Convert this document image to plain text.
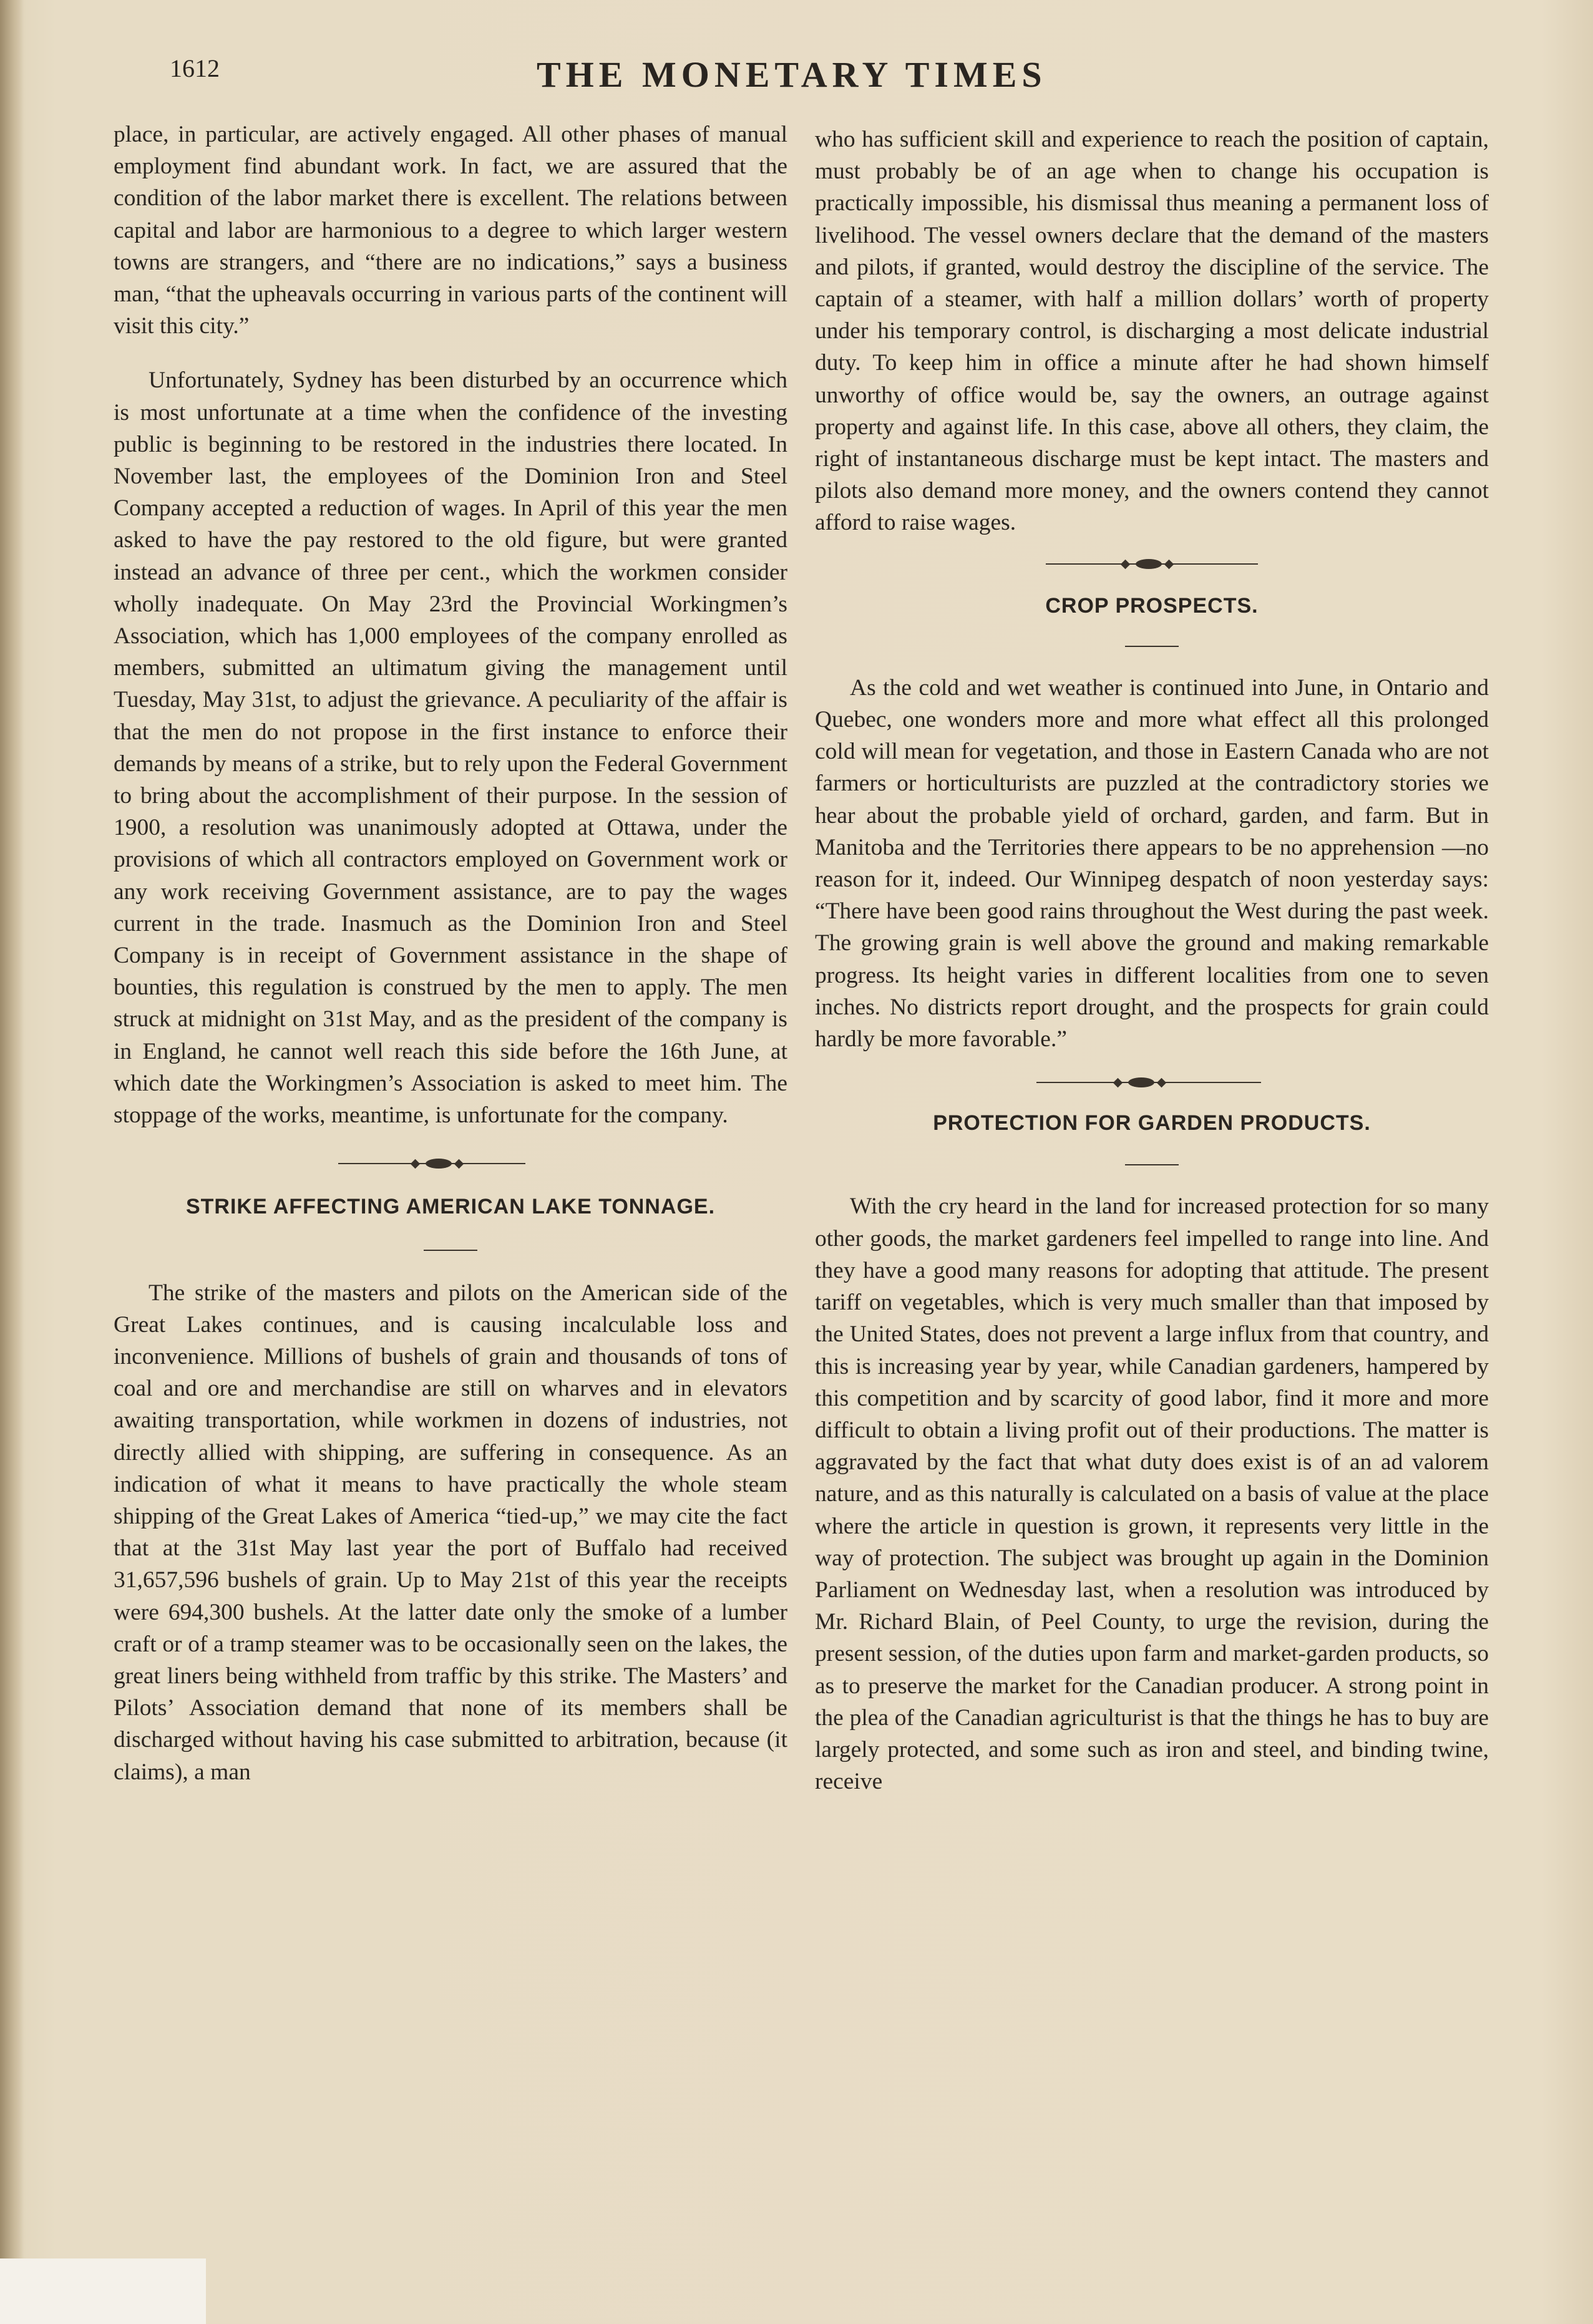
1612	THE MONETARY TIMES

place, in particular, are actively engaged. All other phases of manual employment find abundant work. In fact, we are assured that the condition of the labor market there is excellent. The relations between capital and labor are harmonious to a degree to which larger western towns are strangers, and “there are no indications,” says a business man, “that the upheavals occurring in various parts of the continent will visit this city.”

Unfortunately, Sydney has been disturbed by an occurrence which is most unfortunate at a time when the confidence of the investing public is beginning to be restored in the industries there located. In November last, the employees of the Dominion Iron and Steel Company accepted a reduction of wages. In April of this year the men asked to have the pay restored to the old figure, but were granted instead an advance of three per cent., which the workmen consider wholly inadequate. On May 23rd the Provincial Workingmen’s Association, which has 1,000 employees of the company enrolled as members, submitted an ultimatum giving the management until Tuesday, May 31st, to adjust the grievance. A peculiarity of the affair is that the men do not propose in the first instance to enforce their demands by means of a strike, but to rely upon the Federal Government to bring about the accomplishment of their purpose. In the session of 1900, a resolution was unanimously adopted at Ottawa, under the provisions of which all contractors employed on Government work or any work receiving Government assistance, are to pay the wages current in the trade. Inasmuch as the Dominion Iron and Steel Company is in receipt of Government assistance in the shape of bounties, this regulation is construed by the men to apply. The men struck at midnight on 31st May, and as the president of the company is in England, he cannot well reach this side before the 16th June, at which date the Workingmen’s Association is asked to meet him. The stoppage of the works, meantime, is unfortunate for the company.

STRIKE AFFECTING AMERICAN LAKE TONNAGE.

The strike of the masters and pilots on the American side of the Great Lakes continues, and is causing incalculable loss and inconvenience. Millions of bushels of grain and thousands of tons of coal and ore and merchandise are still on wharves and in elevators awaiting transportation, while workmen in dozens of industries, not directly allied with shipping, are suffering in consequence. As an indication of what it means to have practically the whole steam shipping of the Great Lakes of America “tied-up,” we may cite the fact that at the 31st May last year the port of Buffalo had received 31,657,596 bushels of grain. Up to May 21st of this year the receipts were 694,300 bushels. At the latter date only the smoke of a lumber craft or of a tramp steamer was to be occasionally seen on the lakes, the great liners being withheld from traffic by this strike. The Masters’ and Pilots’ Association demand that none of its members shall be discharged without having his case submitted to arbitration, because (it claims), a man

who has sufficient skill and experience to reach the position of captain, must probably be of an age when to change his occupation is practically impossible, his dismissal thus meaning a permanent loss of livelihood. The vessel owners declare that the demand of the masters and pilots, if granted, would destroy the discipline of the service. The captain of a steamer, with half a million dollars’ worth of property under his temporary control, is discharging a most delicate industrial duty. To keep him in office a minute after he had shown himself unworthy of office would be, say the owners, an outrage against property and against life. In this case, above all others, they claim, the right of instantaneous discharge must be kept intact. The masters and pilots also demand more money, and the owners contend they cannot afford to raise wages.

CROP PROSPECTS.

As the cold and wet weather is continued into June, in Ontario and Quebec, one wonders more and more what effect all this prolonged cold will mean for vegetation, and those in Eastern Canada who are not farmers or horticulturists are puzzled at the contradictory stories we hear about the probable yield of orchard, garden, and farm. But in Manitoba and the Territories there appears to be no apprehension —no reason for it, indeed. Our Winnipeg despatch of noon yesterday says: “There have been good rains throughout the West during the past week. The growing grain is well above the ground and making remarkable progress. Its height varies in different localities from one to seven inches. No districts report drought, and the prospects for grain could hardly be more favorable.”

PROTECTION FOR GARDEN PRODUCTS.

With the cry heard in the land for increased protection for so many other goods, the market gardeners feel impelled to range into line. And they have a good many reasons for adopting that attitude. The present tariff on vegetables, which is very much smaller than that imposed by the United States, does not prevent a large influx from that country, and this is increasing year by year, while Canadian gardeners, hampered by this competition and by scarcity of good labor, find it more and more difficult to obtain a living profit out of their productions. The matter is aggravated by the fact that what duty does exist is of an ad valorem nature, and as this naturally is calculated on a basis of value at the place where the article in question is grown, it represents very little in the way of protection. The subject was brought up again in the Dominion Parliament on Wednesday last, when a resolution was introduced by Mr. Richard Blain, of Peel County, to urge the revision, during the present session, of the duties upon farm and market-garden products, so as to preserve the market for the Canadian producer. A strong point in the plea of the Canadian agriculturist is that the things he has to buy are largely protected, and some such as iron and steel, and binding twine, receive
